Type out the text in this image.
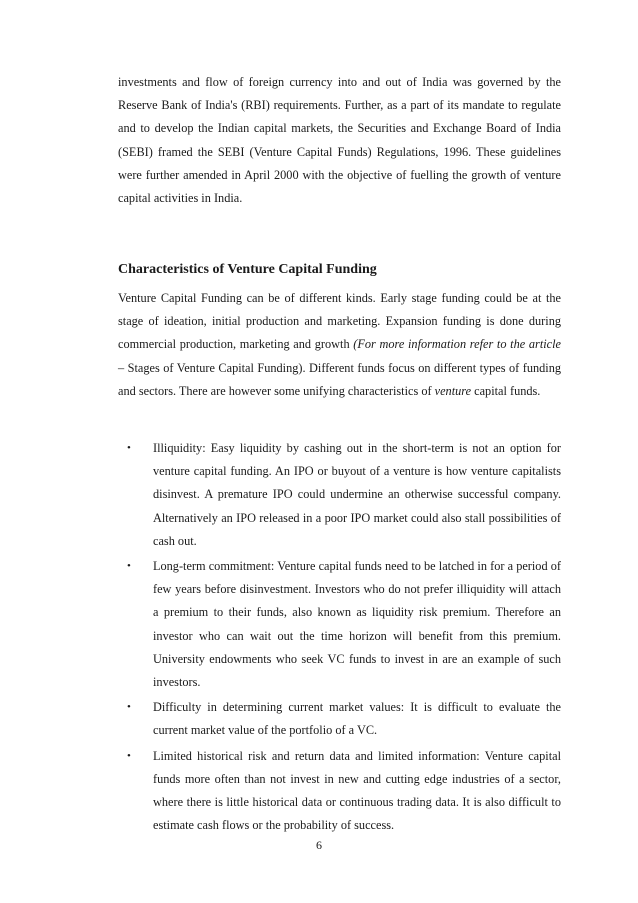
investments and flow of foreign currency into and out of India was governed by the Reserve Bank of India's (RBI) requirements. Further, as a part of its mandate to regulate and to develop the Indian capital markets, the Securities and Exchange Board of India (SEBI) framed the SEBI (Venture Capital Funds) Regulations, 1996. These guidelines were further amended in April 2000 with the objective of fuelling the growth of venture capital activities in India.

Characteristics of Venture Capital Funding

Venture Capital Funding can be of different kinds. Early stage funding could be at the stage of ideation, initial production and marketing. Expansion funding is done during commercial production, marketing and growth (For more information refer to the article – Stages of Venture Capital Funding). Different funds focus on different types of funding and sectors. There are however some unifying characteristics of venture capital funds.

• Illiquidity: Easy liquidity by cashing out in the short-term is not an option for venture capital funding. An IPO or buyout of a venture is how venture capitalists disinvest. A premature IPO could undermine an otherwise successful company. Alternatively an IPO released in a poor IPO market could also stall possibilities of cash out.
• Long-term commitment: Venture capital funds need to be latched in for a period of few years before disinvestment. Investors who do not prefer illiquidity will attach a premium to their funds, also known as liquidity risk premium. Therefore an investor who can wait out the time horizon will benefit from this premium. University endowments who seek VC funds to invest in are an example of such investors.
• Difficulty in determining current market values: It is difficult to evaluate the current market value of the portfolio of a VC.
• Limited historical risk and return data and limited information: Venture capital funds more often than not invest in new and cutting edge industries of a sector, where there is little historical data or continuous trading data. It is also difficult to estimate cash flows or the probability of success.
6
